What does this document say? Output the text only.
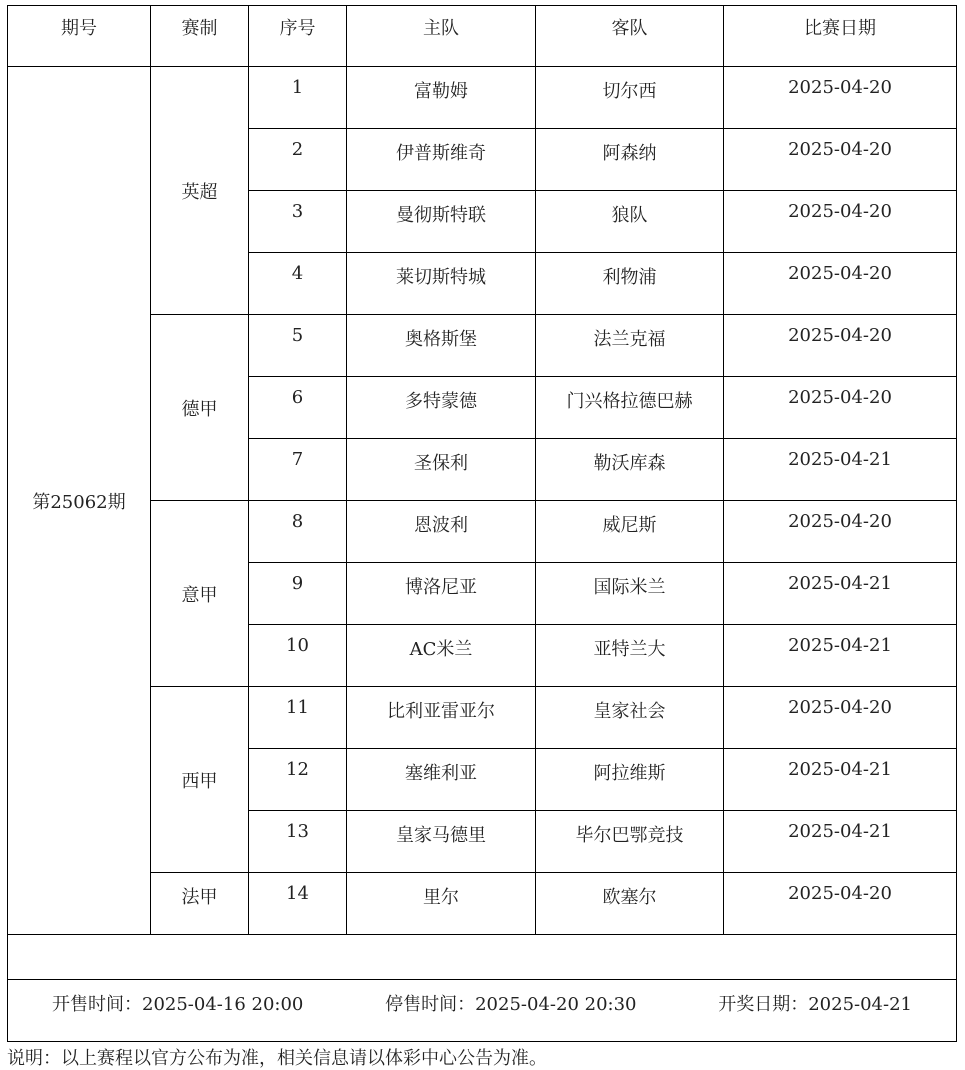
期号	赛制	序号	主队	客队	比赛日期
第25062期	英超	1	富勒姆	切尔西	2025-04-20
		2	伊普斯维奇	阿森纳	2025-04-20
		3	曼彻斯特联	狼队	2025-04-20
		4	莱切斯特城	利物浦	2025-04-20
	德甲	5	奥格斯堡	法兰克福	2025-04-20
		6	多特蒙德	门兴格拉德巴赫	2025-04-20
		7	圣保利	勒沃库森	2025-04-21
	意甲	8	恩波利	威尼斯	2025-04-20
		9	博洛尼亚	国际米兰	2025-04-21
		10	AC米兰	亚特兰大	2025-04-21
	西甲	11	比利亚雷亚尔	皇家社会	2025-04-20
		12	塞维利亚	阿拉维斯	2025-04-21
		13	皇家马德里	毕尔巴鄂竞技	2025-04-21
	法甲	14	里尔	欧塞尔	2025-04-20

开售时间：2025-04-16 20:00 停售时间：2025-04-20 20:30 开奖日期：2025-04-21					
说明：以上赛程以官方公布为准，相关信息请以体彩中心公告为准。
